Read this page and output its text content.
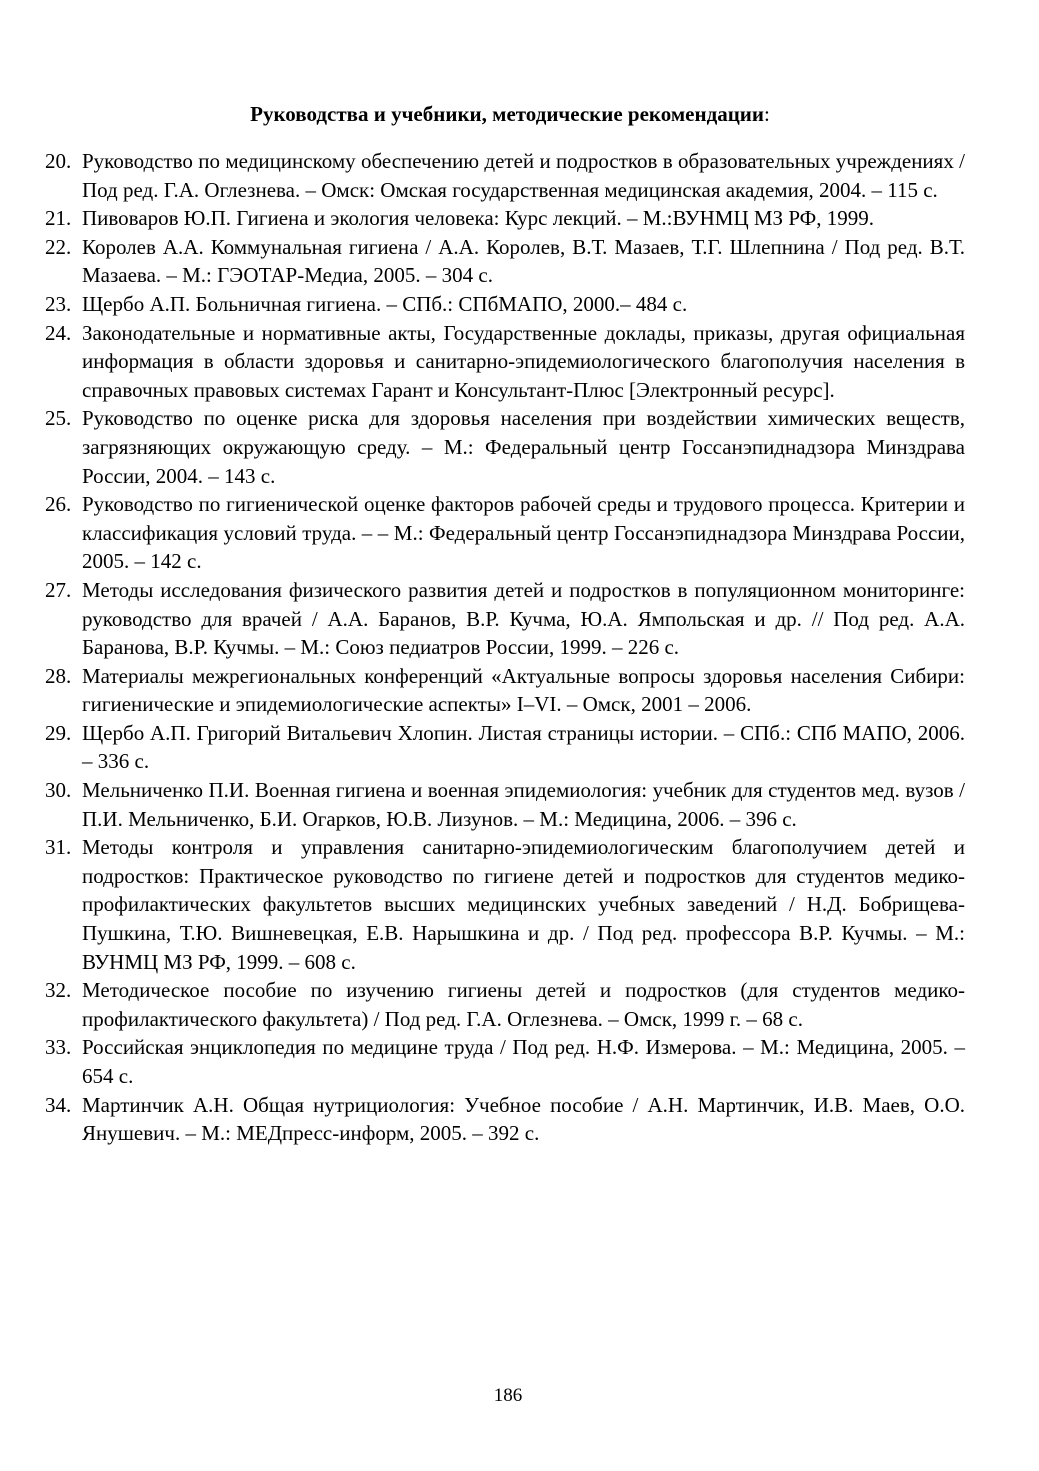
Руководства и учебники, методические рекомендации:
20. Руководство по медицинскому обеспечению детей и подростков в образовательных учреждениях / Под ред. Г.А. Оглезнева. – Омск: Омская государственная медицинская академия, 2004. – 115 с.
21. Пивоваров Ю.П. Гигиена и экология человека: Курс лекций. – М.:ВУНМЦ МЗ РФ, 1999.
22. Королев А.А. Коммунальная гигиена / А.А. Королев, В.Т. Мазаев, Т.Г. Шлепнина / Под ред. В.Т. Мазаева. – М.: ГЭОТАР-Медиа, 2005. – 304 с.
23. Щербо А.П. Больничная гигиена. – СПб.: СПбМАПО, 2000.– 484 с.
24. Законодательные и нормативные акты, Государственные доклады, приказы, другая официальная информация в области здоровья и санитарно-эпидемиологического благополучия населения в справочных правовых системах Гарант и Консультант-Плюс [Электронный ресурс].
25. Руководство по оценке риска для здоровья населения при воздействии химических веществ, загрязняющих окружающую среду. – М.: Федеральный центр Госсанэпиднадзора Минздрава России, 2004. – 143 с.
26. Руководство по гигиенической оценке факторов рабочей среды и трудового процесса. Критерии и классификация условий труда. – – М.: Федеральный центр Госсанэпиднадзора Минздрава России, 2005. – 142 с.
27. Методы исследования физического развития детей и подростков в популяционном мониторинге: руководство для врачей / А.А. Баранов, В.Р. Кучма, Ю.А. Ямпольская и др. // Под ред. А.А. Баранова, В.Р. Кучмы. – М.: Союз педиатров России, 1999. – 226 с.
28. Материалы межрегиональных конференций «Актуальные вопросы здоровья населения Сибири: гигиенические и эпидемиологические аспекты» I–VI. – Омск, 2001 – 2006.
29. Щербо А.П. Григорий Витальевич Хлопин. Листая страницы истории. – СПб.: СПб МАПО, 2006. – 336 с.
30. Мельниченко П.И. Военная гигиена и военная эпидемиология: учебник для студентов мед. вузов / П.И. Мельниченко, Б.И. Огарков, Ю.В. Лизунов. – М.: Медицина, 2006. – 396 с.
31. Методы контроля и управления санитарно-эпидемиологическим благополучием детей и подростков: Практическое руководство по гигиене детей и подростков для студентов медико-профилактических факультетов высших медицинских учебных заведений / Н.Д. Бобрищева-Пушкина, Т.Ю. Вишневецкая, Е.В. Нарышкина и др. / Под ред. профессора В.Р. Кучмы. – М.: ВУНМЦ МЗ РФ, 1999. – 608 с.
32. Методическое пособие по изучению гигиены детей и подростков (для студентов медико-профилактического факультета) / Под ред. Г.А. Оглезнева. – Омск, 1999 г. – 68 с.
33. Российская энциклопедия по медицине труда / Под ред. Н.Ф. Измерова. – М.: Медицина, 2005. – 654 с.
34. Мартинчик А.Н. Общая нутрициология: Учебное пособие / А.Н. Мартинчик, И.В. Маев, О.О. Янушевич. – М.: МЕДпресс-информ, 2005. – 392 с.
186
